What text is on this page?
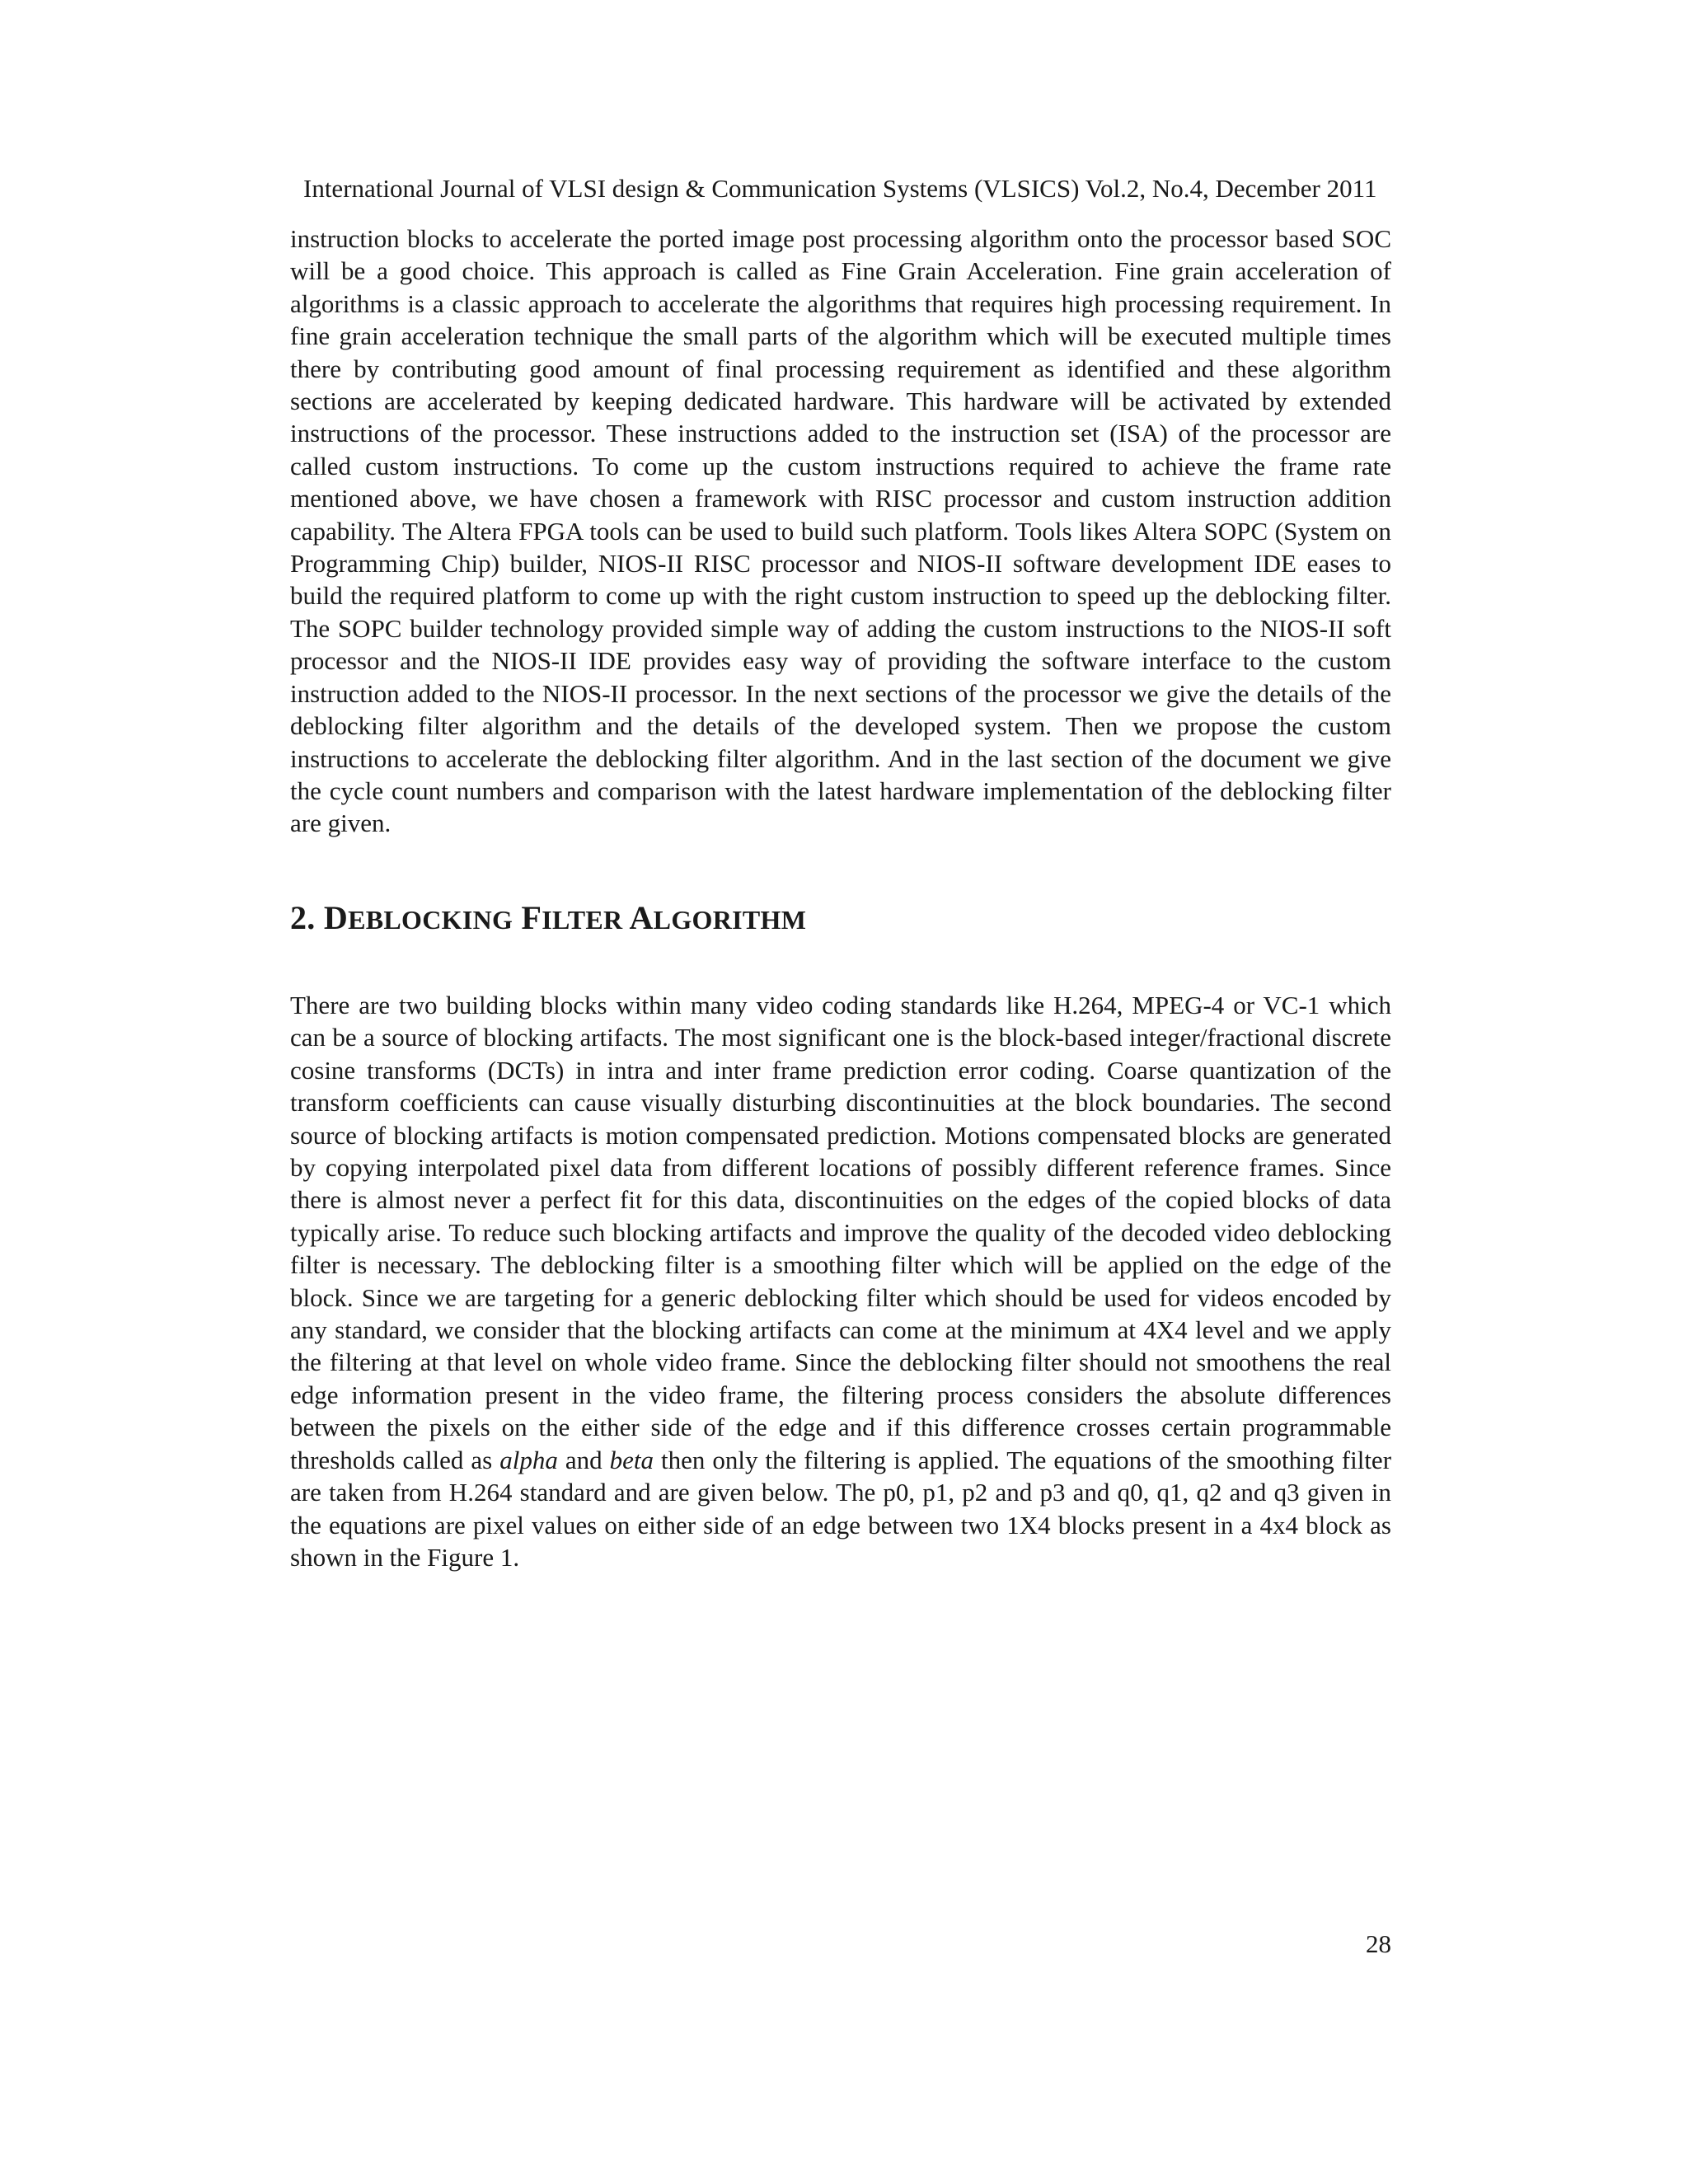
International Journal of VLSI design & Communication Systems (VLSICS) Vol.2, No.4, December 2011

instruction blocks to accelerate the ported image post processing algorithm onto the processor based SOC will be a good choice. This approach is called as Fine Grain Acceleration. Fine grain acceleration of algorithms is a classic approach to accelerate the algorithms that requires high processing requirement. In fine grain acceleration technique the small parts of the algorithm which will be executed multiple times there by contributing good amount of final processing requirement as identified and these algorithm sections are accelerated by keeping dedicated hardware. This hardware will be activated by extended instructions of the processor. These instructions added to the instruction set (ISA) of the processor are called custom instructions. To come up the custom instructions required to achieve the frame rate mentioned above, we have chosen a framework with RISC processor and custom instruction addition capability. The Altera FPGA tools can be used to build such platform. Tools likes Altera SOPC (System on Programming Chip) builder, NIOS-II RISC processor and NIOS-II software development IDE eases to build the required platform to come up with the right custom instruction to speed up the deblocking filter. The SOPC builder technology provided simple way of adding the custom instructions to the NIOS-II soft processor and the NIOS-II IDE provides easy way of providing the software interface to the custom instruction added to the NIOS-II processor. In the next sections of the processor we give the details of the deblocking filter algorithm and the details of the developed system. Then we propose the custom instructions to accelerate the deblocking filter algorithm. And in the last section of the document we give the cycle count numbers and comparison with the latest hardware implementation of the deblocking filter are given.

2. DEBLOCKING FILTER ALGORITHM

There are two building blocks within many video coding standards like H.264, MPEG-4 or VC-1 which can be a source of blocking artifacts. The most significant one is the block-based integer/fractional discrete cosine transforms (DCTs) in intra and inter frame prediction error coding. Coarse quantization of the transform coefficients can cause visually disturbing discontinuities at the block boundaries. The second source of blocking artifacts is motion compensated prediction. Motions compensated blocks are generated by copying interpolated pixel data from different locations of possibly different reference frames. Since there is almost never a perfect fit for this data, discontinuities on the edges of the copied blocks of data typically arise. To reduce such blocking artifacts and improve the quality of the decoded video deblocking filter is necessary. The deblocking filter is a smoothing filter which will be applied on the edge of the block. Since we are targeting for a generic deblocking filter which should be used for videos encoded by any standard, we consider that the blocking artifacts can come at the minimum at 4X4 level and we apply the filtering at that level on whole video frame. Since the deblocking filter should not smoothens the real edge information present in the video frame, the filtering process considers the absolute differences between the pixels on the either side of the edge and if this difference crosses certain programmable thresholds called as alpha and beta then only the filtering is applied. The equations of the smoothing filter are taken from H.264 standard and are given below. The p0, p1, p2 and p3 and q0, q1, q2 and q3 given in the equations are pixel values on either side of an edge between two 1X4 blocks present in a 4x4 block as shown in the Figure 1.

28
